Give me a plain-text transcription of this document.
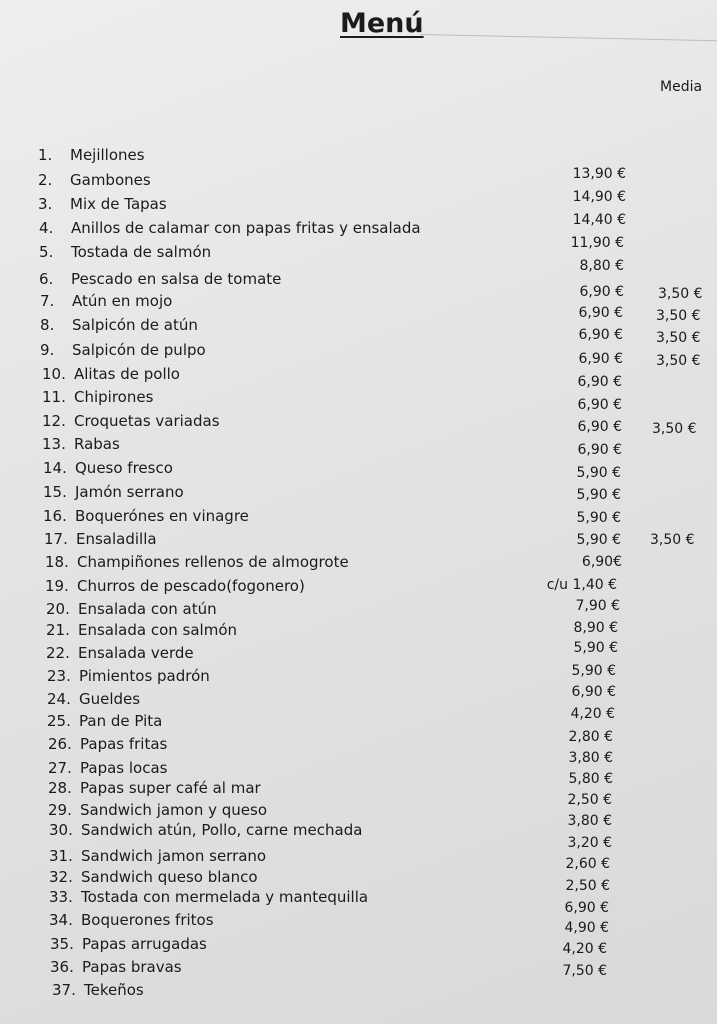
Menú
Media
1. Mejillones
2. Gambones
3. Mix de Tapas
4. Anillos de calamar con papas fritas y ensalada
5. Tostada de salmón
6. Pescado en salsa de tomate
7. Atún en mojo
8. Salpicón de atún
9. Salpicón de pulpo
10. Alitas de pollo
11. Chipirones
12. Croquetas variadas
13. Rabas
14. Queso fresco
15. Jamón serrano
16. Boquerónes en vinagre
17. Ensaladilla
18. Champiñones rellenos de almogrote
19. Churros de pescado(fogonero)
20. Ensalada con atún
21. Ensalada con salmón
22. Ensalada verde
23. Pimientos padrón
24. Gueldes
25. Pan de Pita
26. Papas fritas
27. Papas locas
28. Papas super café al mar
29. Sandwich jamon y queso
30. Sandwich atún, Pollo, carne mechada
31. Sandwich jamon serrano
32. Sandwich queso blanco
33. Tostada con mermelada y mantequilla
34. Boquerones fritos
35. Papas arrugadas
36. Papas bravas
37. Tekeños
13,90 €
14,90 €
14,40 €
11,90 €
8,80 €
6,90 €
6,90 €
6,90 €
6,90 €
6,90 €
6,90 €
6,90 €
6,90 €
5,90 €
5,90 €
5,90 €
5,90 €
6,90€
c/u 1,40 €
7,90 €
8,90 €
5,90 €
5,90 €
6,90 €
4,20 €
2,80 €
3,80 €
5,80 €
2,50 €
3,80 €
3,20 €
2,60 €
2,50 €
6,90 €
4,90 €
4,20 €
7,50 €
3,50 €
3,50 €
3,50 €
3,50 €
3,50 €
3,50 €
